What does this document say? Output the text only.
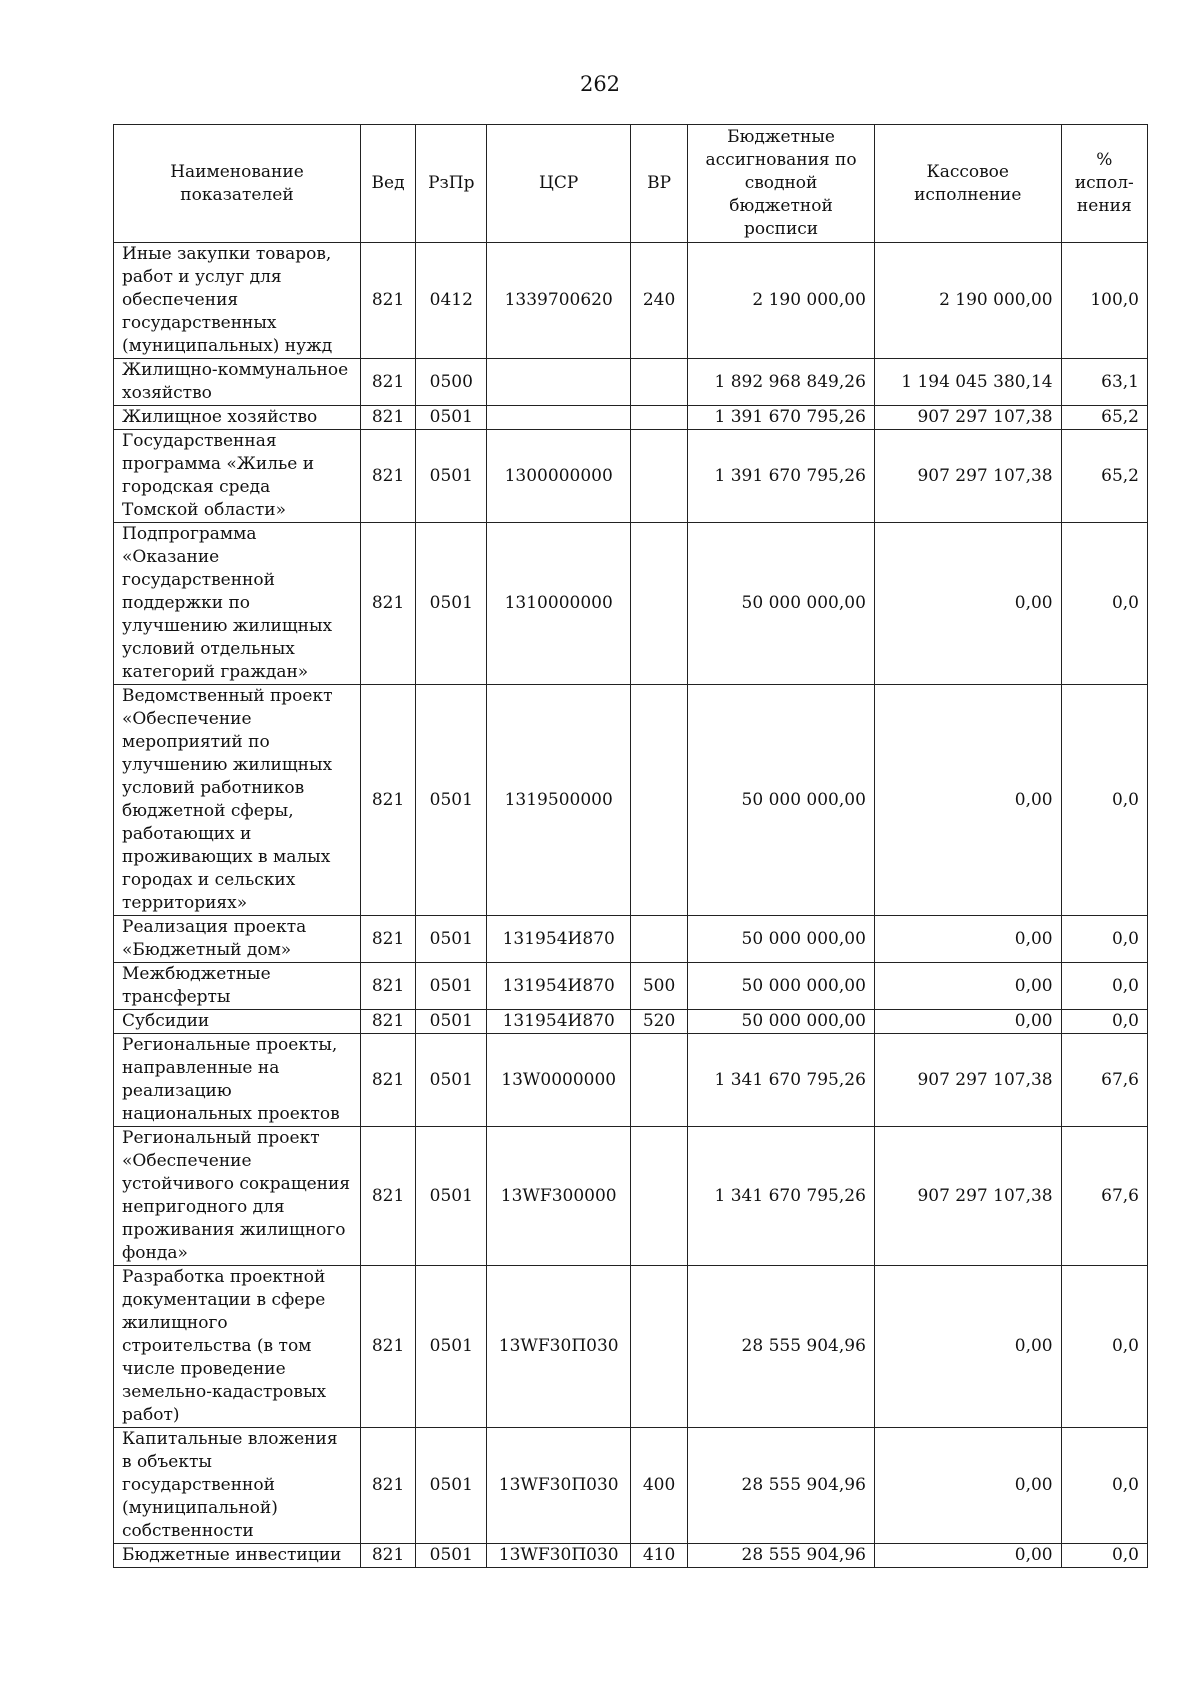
262
Наименование показателей	Вед	РзПр	ЦСР	ВР	Бюджетные ассигнования по сводной бюджетной росписи	Кассовое исполнение	% испол-нения
Иные закупки товаров, работ и услуг для обеспечения государственных (муниципальных) нужд	821	0412	1339700620	240	2 190 000,00	2 190 000,00	100,0
Жилищно-коммунальное хозяйство	821	0500			1 892 968 849,26	1 194 045 380,14	63,1
Жилищное хозяйство	821	0501			1 391 670 795,26	907 297 107,38	65,2
Государственная программа «Жилье и городская среда Томской области»	821	0501	1300000000		1 391 670 795,26	907 297 107,38	65,2
Подпрограмма «Оказание государственной поддержки по улучшению жилищных условий отдельных категорий граждан»	821	0501	1310000000		50 000 000,00	0,00	0,0
Ведомственный проект «Обеспечение мероприятий по улучшению жилищных условий работников бюджетной сферы, работающих и проживающих в малых городах и сельских территориях»	821	0501	1319500000		50 000 000,00	0,00	0,0
Реализация проекта «Бюджетный дом»	821	0501	131954И870		50 000 000,00	0,00	0,0
Межбюджетные трансферты	821	0501	131954И870	500	50 000 000,00	0,00	0,0
Субсидии	821	0501	131954И870	520	50 000 000,00	0,00	0,0
Региональные проекты, направленные на реализацию национальных проектов	821	0501	13W0000000		1 341 670 795,26	907 297 107,38	67,6
Региональный проект «Обеспечение устойчивого сокращения непригодного для проживания жилищного фонда»	821	0501	13WF300000		1 341 670 795,26	907 297 107,38	67,6
Разработка проектной документации в сфере жилищного строительства (в том числе проведение земельно-кадастровых работ)	821	0501	13WF30П030		28 555 904,96	0,00	0,0
Капитальные вложения в объекты государственной (муниципальной) собственности	821	0501	13WF30П030	400	28 555 904,96	0,00	0,0
Бюджетные инвестиции	821	0501	13WF30П030	410	28 555 904,96	0,00	0,0
